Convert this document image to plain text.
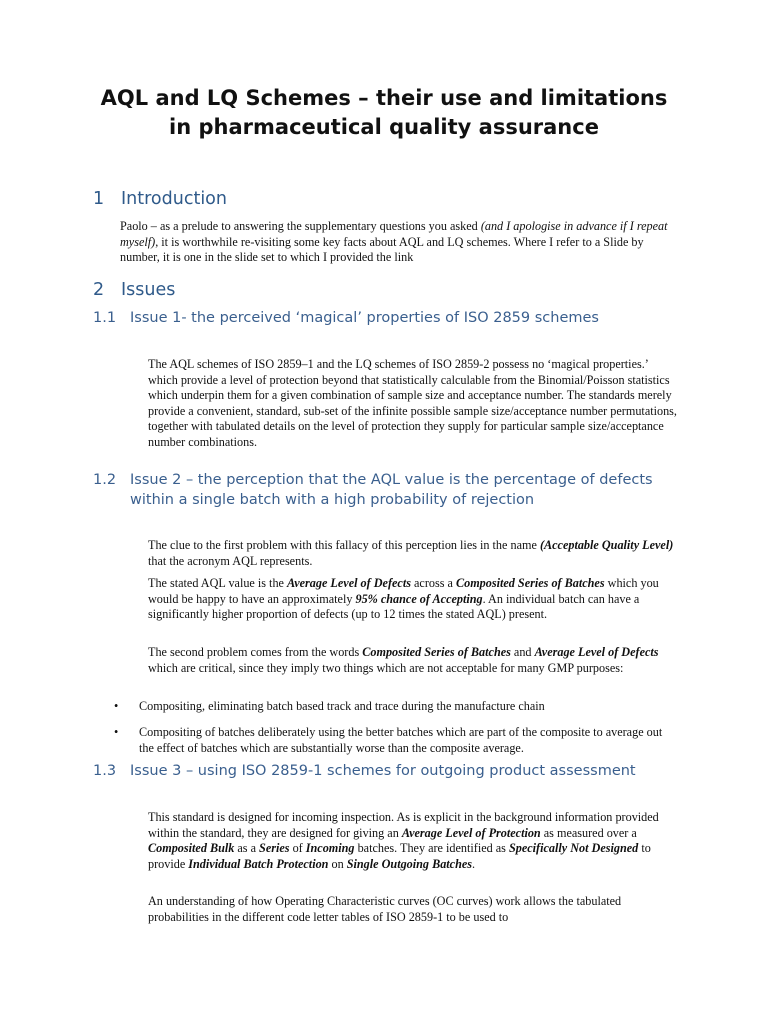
AQL and LQ Schemes – their use and limitations in pharmaceutical quality assurance
1 Introduction

Paolo – as a prelude to answering the supplementary questions you asked (and I apologise in advance if I repeat myself), it is worthwhile re-visiting some key facts about AQL and LQ schemes. Where I refer to a Slide by number, it is one in the slide set to which I provided the link

2 Issues
1.1 Issue 1- the perceived ‘magical’ properties of ISO 2859 schemes

The AQL schemes of ISO 2859–1 and the LQ schemes of ISO 2859-2 possess no ‘magical properties.’ which provide a level of protection beyond that statistically calculable from the Binomial/Poisson statistics which underpin them for a given combination of sample size and acceptance number. The standards merely provide a convenient, standard, sub-set of the infinite possible sample size/acceptance number permutations, together with tabulated details on the level of protection they supply for particular sample size/acceptance number combinations.

1.2 Issue 2 – the perception that the AQL value is the percentage of defects within a single batch with a high probability of rejection

The clue to the first problem with this fallacy of this perception lies in the name (Acceptable Quality Level) that the acronym AQL represents.

The stated AQL value is the Average Level of Defects across a Composited Series of Batches which you would be happy to have an approximately 95% chance of Accepting. An individual batch can have a significantly higher proportion of defects (up to 12 times the stated AQL) present.

The second problem comes from the words Composited Series of Batches and Average Level of Defects which are critical, since they imply two things which are not acceptable for many GMP purposes:

•	Compositing, eliminating batch based track and trace during the manufacture chain
•	Compositing of batches deliberately using the better batches which are part of the composite to average out the effect of batches which are substantially worse than the composite average.
1.3 Issue 3 – using ISO 2859-1 schemes for outgoing product assessment

This standard is designed for incoming inspection. As is explicit in the background information provided within the standard, they are designed for giving an Average Level of Protection as measured over a Composited Bulk as a Series of Incoming batches. They are identified as Specifically Not Designed to provide Individual Batch Protection on Single Outgoing Batches.

An understanding of how Operating Characteristic curves (OC curves) work allows the tabulated probabilities in the different code letter tables of ISO 2859-1 to be used to
